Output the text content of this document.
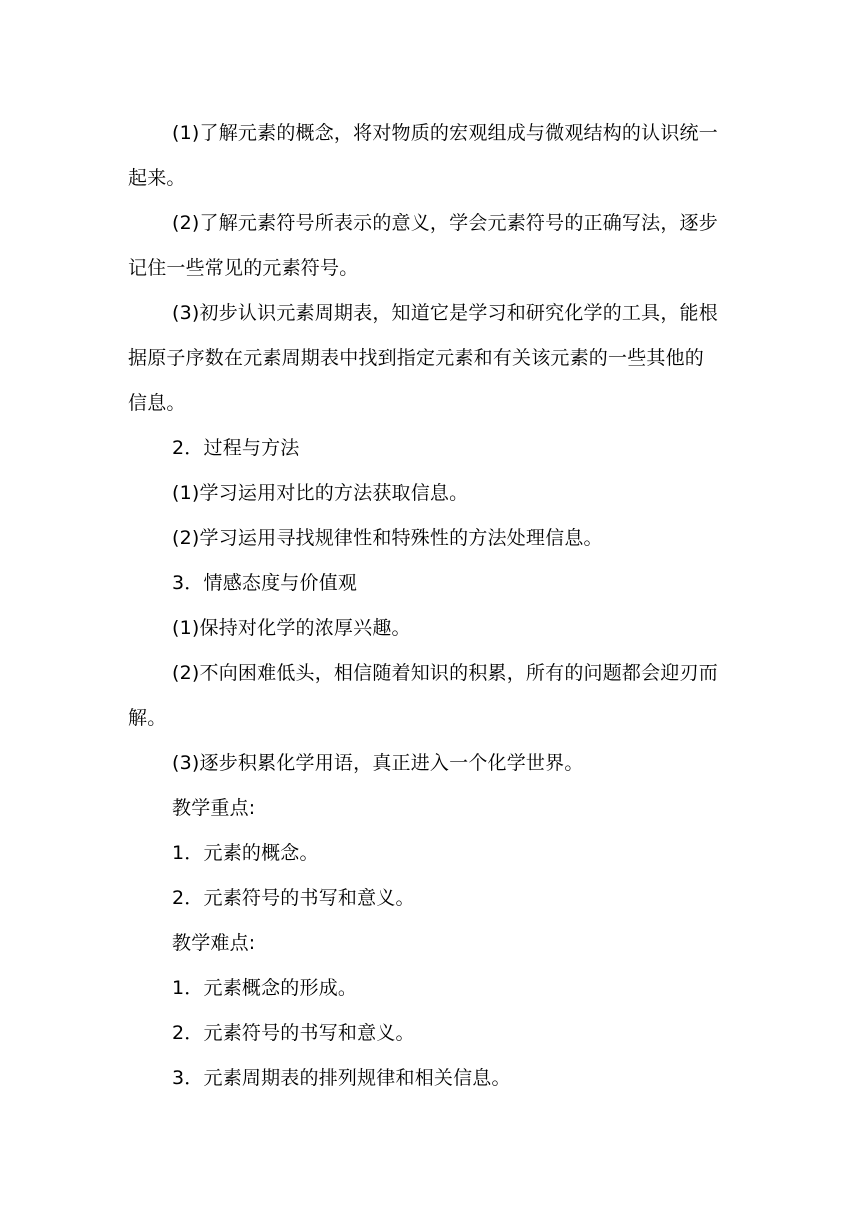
(1)了解元素的概念，将对物质的宏观组成与微观结构的认识统一起来。

(2)了解元素符号所表示的意义，学会元素符号的正确写法，逐步记住一些常见的元素符号。

(3)初步认识元素周期表，知道它是学习和研究化学的工具，能根据原子序数在元素周期表中找到指定元素和有关该元素的一些其他的信息。

2．过程与方法

(1)学习运用对比的方法获取信息。

(2)学习运用寻找规律性和特殊性的方法处理信息。

3．情感态度与价值观

(1)保持对化学的浓厚兴趣。

(2)不向困难低头，相信随着知识的积累，所有的问题都会迎刃而解。

(3)逐步积累化学用语，真正进入一个化学世界。

教学重点:

1．元素的概念。

2．元素符号的书写和意义。

教学难点:

1．元素概念的形成。

2．元素符号的书写和意义。

3．元素周期表的排列规律和相关信息。
